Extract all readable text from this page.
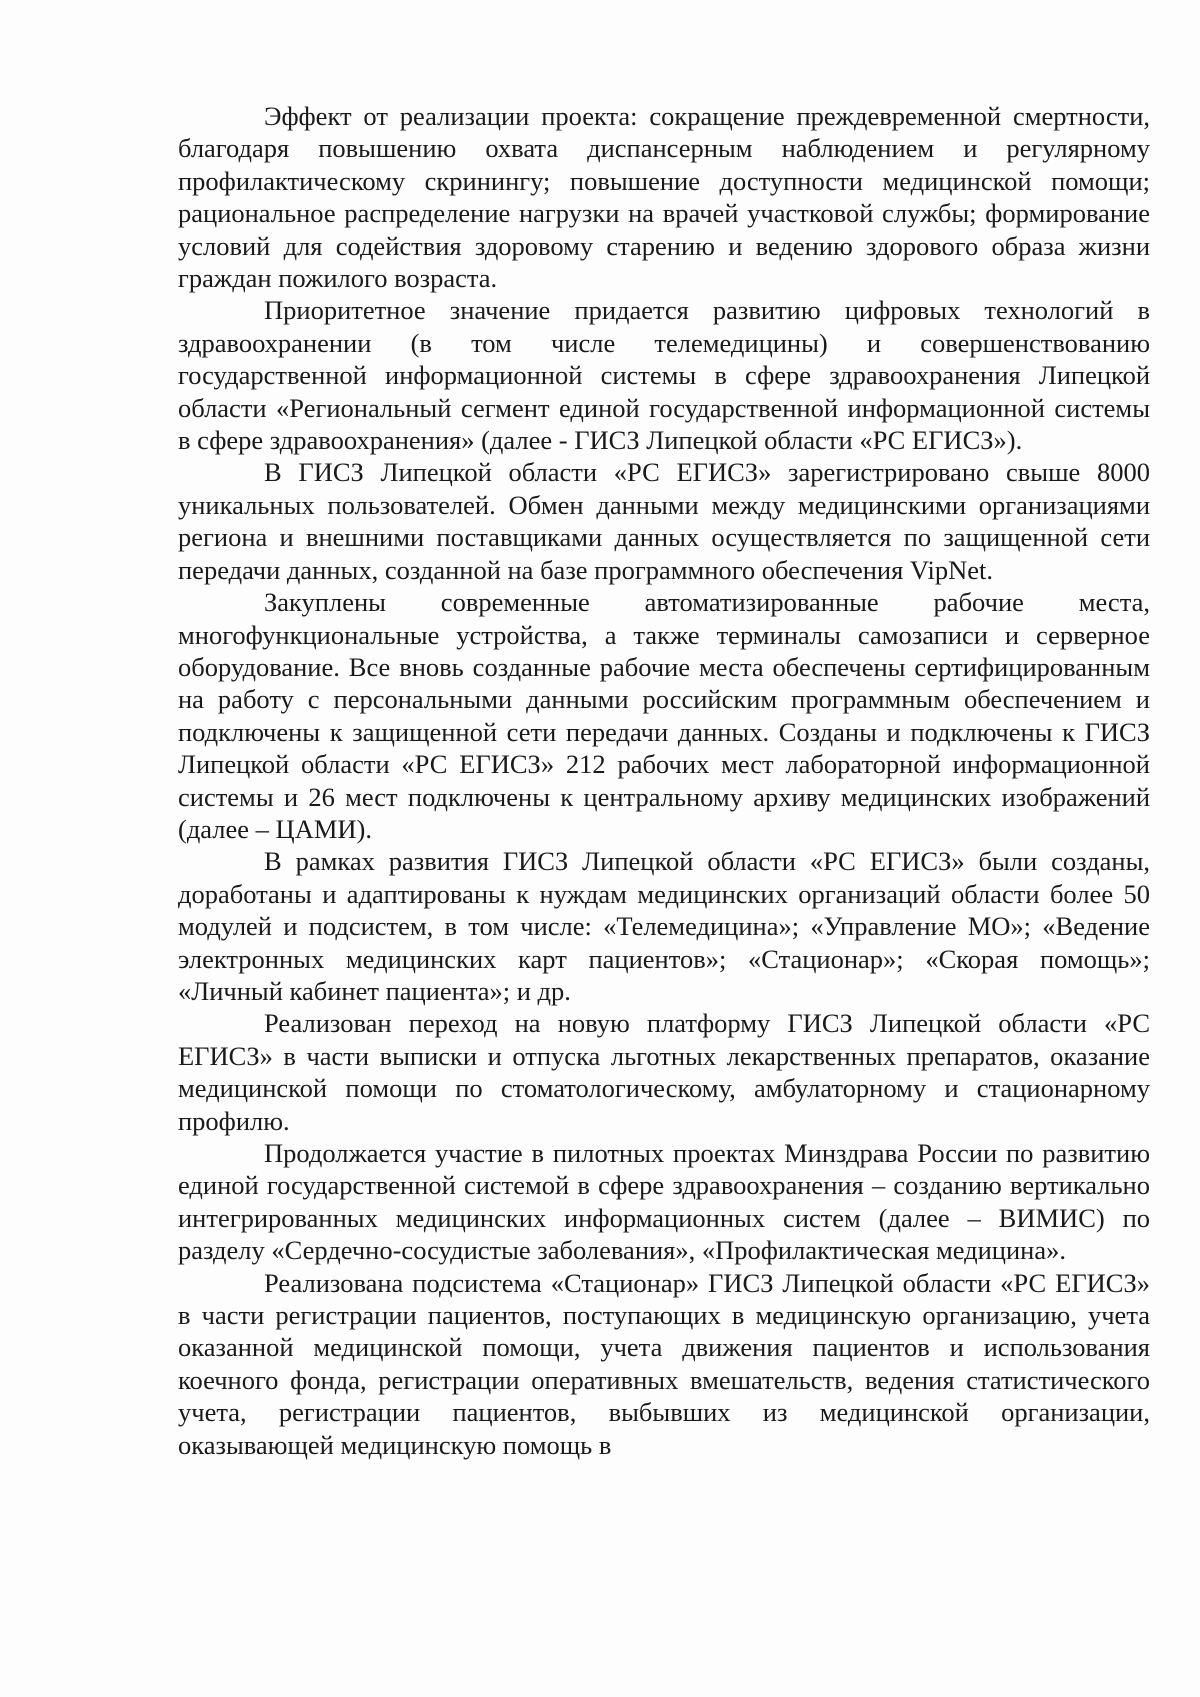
Эффект от реализации проекта: сокращение преждевременной смертности, благодаря повышению охвата диспансерным наблюдением и регулярному профилактическому скринингу; повышение доступности медицинской помощи; рациональное распределение нагрузки на врачей участковой службы; формирование условий для содействия здоровому старению и ведению здорового образа жизни граждан пожилого возраста.

Приоритетное значение придается развитию цифровых технологий в здравоохранении (в том числе телемедицины) и совершенствованию государственной информационной системы в сфере здравоохранения Липецкой области «Региональный сегмент единой государственной информационной системы в сфере здравоохранения» (далее - ГИСЗ Липецкой области «РС ЕГИСЗ»).

В ГИСЗ Липецкой области «РС ЕГИСЗ» зарегистрировано свыше 8000 уникальных пользователей. Обмен данными между медицинскими организациями региона и внешними поставщиками данных осуществляется по защищенной сети передачи данных, созданной на базе программного обеспечения VipNet.

Закуплены современные автоматизированные рабочие места, многофункциональные устройства, а также терминалы самозаписи и серверное оборудование. Все вновь созданные рабочие места обеспечены сертифицированным на работу с персональными данными российским программным обеспечением и подключены к защищенной сети передачи данных. Созданы и подключены к ГИСЗ Липецкой области «РС ЕГИСЗ» 212 рабочих мест лабораторной информационной системы и 26 мест подключены к центральному архиву медицинских изображений (далее – ЦАМИ).

В рамках развития ГИСЗ Липецкой области «РС ЕГИСЗ» были созданы, доработаны и адаптированы к нуждам медицинских организаций области более 50 модулей и подсистем, в том числе: «Телемедицина»; «Управление МО»; «Ведение электронных медицинских карт пациентов»; «Стационар»; «Скорая помощь»; «Личный кабинет пациента»; и др.

Реализован переход на новую платформу ГИСЗ Липецкой области «РС ЕГИСЗ» в части выписки и отпуска льготных лекарственных препаратов, оказание медицинской помощи по стоматологическому, амбулаторному и стационарному профилю.

Продолжается участие в пилотных проектах Минздрава России по развитию единой государственной системой в сфере здравоохранения – созданию вертикально интегрированных медицинских информационных систем (далее – ВИМИС) по разделу «Сердечно-сосудистые заболевания», «Профилактическая медицина».

Реализована подсистема «Стационар» ГИСЗ Липецкой области «РС ЕГИСЗ» в части регистрации пациентов, поступающих в медицинскую организацию, учета оказанной медицинской помощи, учета движения пациентов и использования коечного фонда, регистрации оперативных вмешательств, ведения статистического учета, регистрации пациентов, выбывших из медицинской организации, оказывающей медицинскую помощь в
